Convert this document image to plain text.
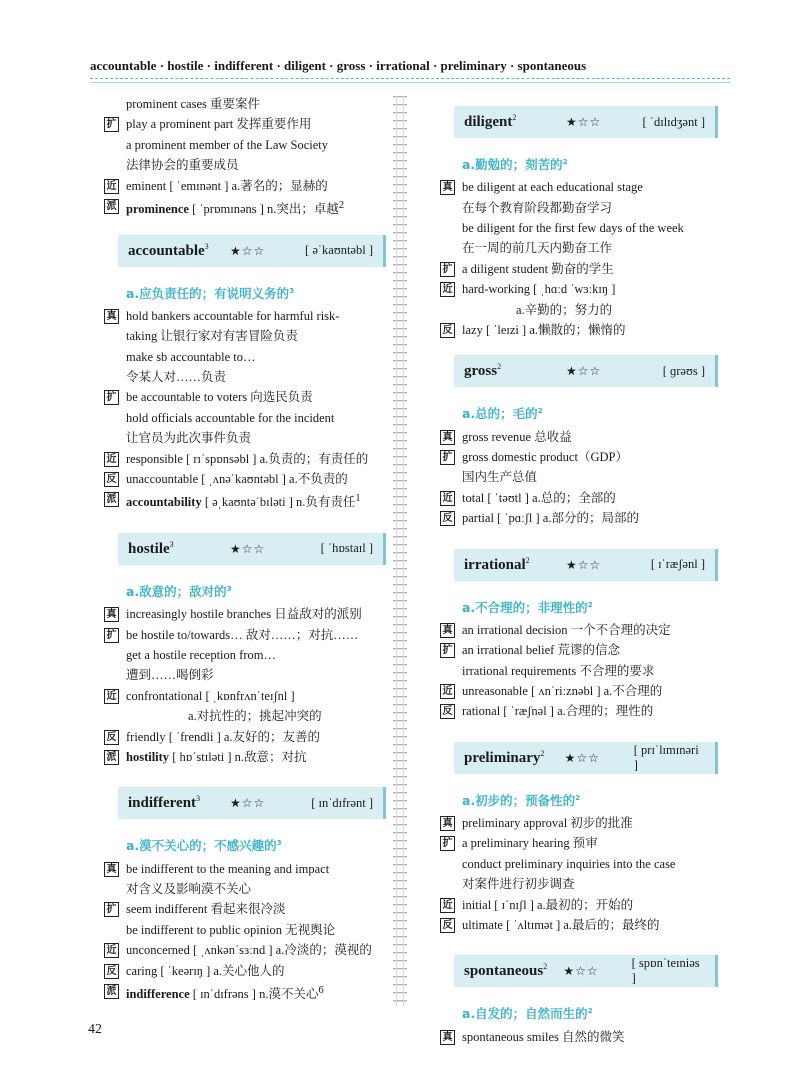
accountable · hostile · indifferent · diligent · gross · irrational · preliminary · spontaneous
prominent cases 重要案件
扩 play a prominent part 发挥重要作用
a prominent member of the Law Society
法律协会的重要成员
近 eminent [ ˈemɪnənt ] a.著名的；显赫的
派 prominence [ ˈprɒmɪnəns ] n.突出；卓越$^2$
accountable$^3$	★☆☆	[ əˈkaʊntəbl ]
a.应负责任的；有说明义务的$^3$
真 hold bankers accountable for harmful risk-
taking 让银行家对有害冒险负责
make sb accountable to…
令某人对……负责
扩 be accountable to voters 向选民负责
hold officials accountable for the incident
让官员为此次事件负责
近 responsible [ rɪˈspɒnsəbl ] a.负责的；有责任的
反 unaccountable [ ˌʌnəˈkaʊntəbl ] a.不负责的
派 accountability [ əˌkaʊntəˈbɪləti ] n.负有责任$^1$
hostile$^3$	★☆☆	[ ˈhɒstaɪl ]
a.敌意的；敌对的$^3$
真 increasingly hostile branches 日益敌对的派别
扩 be hostile to/towards… 敌对……；对抗……
get a hostile reception from…
遭到……喝倒彩
近 confrontational [ ˌkɒnfrʌnˈteɪʃnl ]
a.对抗性的；挑起冲突的
反 friendly [ ˈfrendli ] a.友好的；友善的
派 hostility [ hɒˈstɪləti ] n.敌意；对抗
indifferent$^3$	★☆☆	[ ɪnˈdɪfrənt ]
a.漠不关心的；不感兴趣的$^3$
真 be indifferent to the meaning and impact
对含义及影响漠不关心
扩 seem indifferent 看起来很冷淡
be indifferent to public opinion 无视舆论
近 unconcerned [ ˌʌnkənˈsɜːnd ] a.冷淡的；漠视的
反 caring [ ˈkeərɪŋ ] a.关心他人的
派 indifference [ ɪnˈdɪfrəns ] n.漠不关心$^6$
diligent$^2$	★☆☆	[ ˈdɪlɪdʒənt ]
a.勤勉的；刻苦的$^2$
真 be diligent at each educational stage
在每个教育阶段都勤奋学习
be diligent for the first few days of the week
在一周的前几天内勤奋工作
扩 a diligent student 勤奋的学生
近 hard-working [ ˌhɑːd ˈwɜːkɪŋ ]
a.辛勤的；努力的
反 lazy [ ˈleɪzi ] a.懒散的；懒惰的
gross$^2$	★☆☆	[ ɡrəʊs ]
a.总的；毛的$^2$
真 gross revenue 总收益
扩 gross domestic product（GDP）
国内生产总值
近 total [ ˈtəʊtl ] a.总的；全部的
反 partial [ ˈpɑːʃl ] a.部分的；局部的
irrational$^2$	★☆☆	[ ɪˈræʃənl ]
a.不合理的；非理性的$^2$
真 an irrational decision 一个不合理的决定
扩 an irrational belief 荒谬的信念
irrational requirements 不合理的要求
近 unreasonable [ ʌnˈriːznəbl ] a.不合理的
反 rational [ ˈræʃnəl ] a.合理的；理性的
preliminary$^2$	★☆☆
[ prɪˈlɪmɪnəri ]
a.初步的；预备性的$^2$
真 preliminary approval 初步的批准
扩 a preliminary hearing 预审
conduct preliminary inquiries into the case
对案件进行初步调查
近 initial [ ɪˈnɪʃl ] a.最初的；开始的
反 ultimate [ ˈʌltɪmət ] a.最后的；最终的
spontaneous$^2$	★☆☆
[ spɒnˈteɪniəs ]
a.自发的；自然而生的$^2$
真 spontaneous smiles 自然的微笑
42
